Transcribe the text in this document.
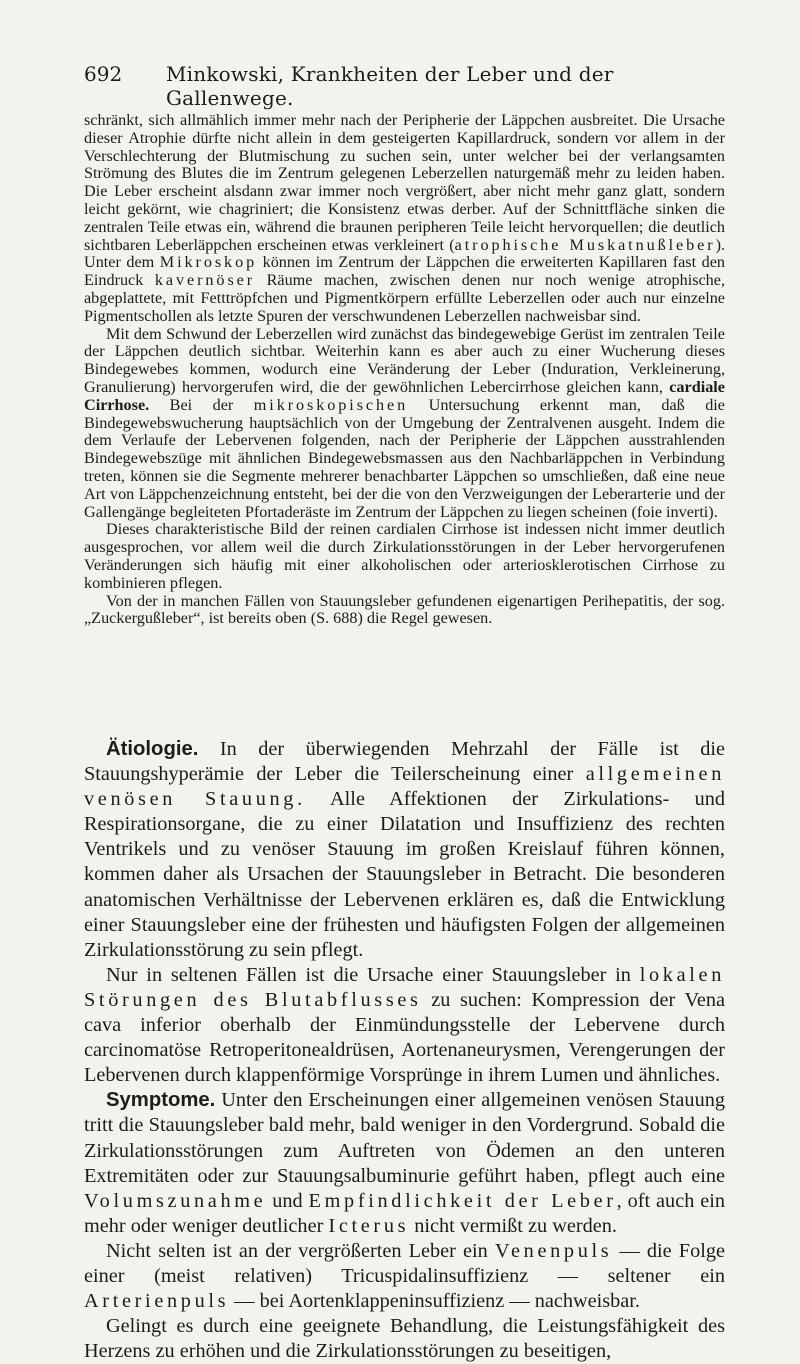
692 Minkowski, Krankheiten der Leber und der Gallenwege.

schränkt, sich allmählich immer mehr nach der Peripherie der Läppchen ausbreitet. Die Ursache dieser Atrophie dürfte nicht allein in dem gesteigerten Kapillardruck, sondern vor allem in der Verschlechterung der Blutmischung zu suchen sein, unter welcher bei der verlangsamten Strömung des Blutes die im Zentrum gelegenen Leberzellen naturgemäß mehr zu leiden haben. Die Leber erscheint alsdann zwar immer noch vergrößert, aber nicht mehr ganz glatt, sondern leicht gekörnt, wie chagriniert; die Konsistenz etwas derber. Auf der Schnittfläche sinken die zentralen Teile etwas ein, während die braunen peripheren Teile leicht hervorquellen; die deutlich sichtbaren Leberläppchen erscheinen etwas verkleinert (atrophische Muskatnußleber). Unter dem Mikroskop können im Zentrum der Läppchen die erweiterten Kapillaren fast den Eindruck kavernöser Räume machen, zwischen denen nur noch wenige atrophische, abgeplattete, mit Fetttröpfchen und Pigmentkörpern erfüllte Leberzellen oder auch nur einzelne Pigmentschollen als letzte Spuren der verschwundenen Leberzellen nachweisbar sind.

Mit dem Schwund der Leberzellen wird zunächst das bindegewebige Gerüst im zentralen Teile der Läppchen deutlich sichtbar. Weiterhin kann es aber auch zu einer Wucherung dieses Bindegewebes kommen, wodurch eine Veränderung der Leber (Induration, Verkleinerung, Granulierung) hervorgerufen wird, die der gewöhnlichen Lebercirrhose gleichen kann, cardiale Cirrhose. Bei der mikroskopischen Untersuchung erkennt man, daß die Bindegewebswucherung hauptsächlich von der Umgebung der Zentralvenen ausgeht. Indem die dem Verlaufe der Lebervenen folgenden, nach der Peripherie der Läppchen ausstrahlenden Bindegewebszüge mit ähnlichen Bindegewebsmassen aus den Nachbarläppchen in Verbindung treten, können sie die Segmente mehrerer benachbarter Läppchen so umschließen, daß eine neue Art von Läppchenzeichnung entsteht, bei der die von den Verzweigungen der Leberarterie und der Gallengänge begleiteten Pfortaderäste im Zentrum der Läppchen zu liegen scheinen (foie inverti).

Dieses charakteristische Bild der reinen cardialen Cirrhose ist indessen nicht immer deutlich ausgesprochen, vor allem weil die durch Zirkulationsstörungen in der Leber hervorgerufenen Veränderungen sich häufig mit einer alkoholischen oder arteriosklerotischen Cirrhose zu kombinieren pflegen.

Von der in manchen Fällen von Stauungsleber gefundenen eigenartigen Perihepatitis, der sog. „Zuckergußleber“, ist bereits oben (S. 688) die Regel gewesen.

Ätiologie. In der überwiegenden Mehrzahl der Fälle ist die Stauungshyperämie der Leber die Teilerscheinung einer allgemeinen venösen Stauung. Alle Affektionen der Zirkulations- und Respirationsorgane, die zu einer Dilatation und Insuffizienz des rechten Ventrikels und zu venöser Stauung im großen Kreislauf führen können, kommen daher als Ursachen der Stauungsleber in Betracht. Die besonderen anatomischen Verhältnisse der Lebervenen erklären es, daß die Entwicklung einer Stauungsleber eine der frühesten und häufigsten Folgen der allgemeinen Zirkulationsstörung zu sein pflegt.

Nur in seltenen Fällen ist die Ursache einer Stauungsleber in lokalen Störungen des Blutabflusses zu suchen: Kompression der Vena cava inferior oberhalb der Einmündungsstelle der Lebervene durch carcinomatöse Retroperitonealdrüsen, Aortenaneurysmen, Verengerungen der Lebervenen durch klappenförmige Vorsprünge in ihrem Lumen und ähnliches.

Symptome. Unter den Erscheinungen einer allgemeinen venösen Stauung tritt die Stauungsleber bald mehr, bald weniger in den Vordergrund. Sobald die Zirkulationsstörungen zum Auftreten von Ödemen an den unteren Extremitäten oder zur Stauungsalbuminurie geführt haben, pflegt auch eine Volumszunahme und Empfindlichkeit der Leber, oft auch ein mehr oder weniger deutlicher Icterus nicht vermißt zu werden.

Nicht selten ist an der vergrößerten Leber ein Venenpuls — die Folge einer (meist relativen) Tricuspidalinsuffizienz — seltener ein Arterienpuls — bei Aortenklappeninsuffizienz — nachweisbar.

Gelingt es durch eine geeignete Behandlung, die Leistungsfähigkeit des Herzens zu erhöhen und die Zirkulationsstörungen zu beseitigen,
